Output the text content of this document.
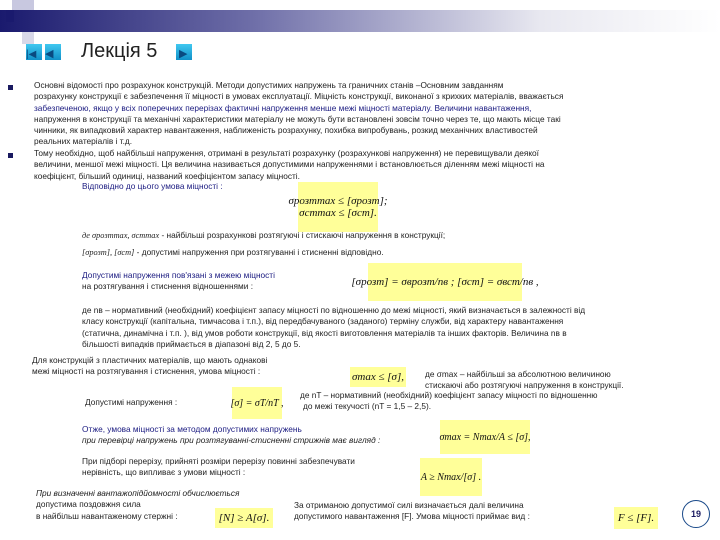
|◀ ◀	Лекція 5 ▶
Основні відомості про розрахунок конструкцій. Методи допустимих напружень та граничних станів –Основним завданням
розрахунку конструкції є забезпечення її міцності в умовах експлуатації. Міцність конструкції, виконаної з крихких матеріалів, вважається
забезпеченою, якщо у всіх поперечних перерізах фактичні напруження менше межі міцності матеріалу. Величини навантаження,
напруження в конструкції та механічні характеристики матеріалу не можуть бути встановлені зовсім точно через те, що мають місце такі
чинники, як випадковий характер навантаження, наближеність розрахунку, похибка випробувань, розкид механічних властивостей
реальних матеріалів і т.д.
Тому необхідно, щоб найбільші напруження, отримані в результаті розрахунку (розрахункові напруження) не перевищували деякої
величини, меншої межі міцності. Ця величина називається допустимими напруженнями і встановлюється діленням межі міцності на
коефіцієнт, більший одиниці, названий коефіцієнтом запасу міцності.
Відповідно до цього умова міцності :
σрозтmax ≤ [σрозт];
σстmax ≤ [σст].
де σрозтmax, σстmax - найбільші розрахункові розтягуючі і стискаючі напруження в конструкції;
[σрозт], [σст] - допустимі напруження при розтягуванні і стисненні відповідно.
Допустимі напруження пов'язані з межею міцності
на розтягування і стиснення відношеннями :	[σрозт] = σврозт/nв ; [σст] = σвст/nв ,
де nв – нормативний (необхідний) коефіцієнт запасу міцності по відношенню до межі міцності, який визначається в залежності від
класу конструкції (капітальна, тимчасова і т.п.), від передбачуваного (заданого) терміну служби, від характеру навантаження
(статична, динамічна і т.п. ), від умов роботи конструкції, від якості виготовлення матеріалів та інших факторів. Величина nв в
більшості випадків приймається в діапазоні від 2, 5 до 5.
Для конструкцій з пластичних матеріалів, що мають однакові
межі міцності на розтягування і стиснення, умова міцності :	σmax ≤ [σ],	де σmax – найбільші за абсолютною величиною
стискаючі або розтягуючі напруження в конструкції.
Допустимі напруження :	[σ] = σT/nT ,
де nT – нормативний (необхідний) коефіцієнт запасу міцності по відношенню
до межі текучості (nT = 1,5 – 2,5).
Отже, умова міцності за методом допустимих напружень
при перевірці напружень при розтягуванні-стисненні стрижнів має вигляд :	σmax = Nmax/A ≤ [σ],
При підборі перерізу, прийняті розміри перерізу повинні забезпечувати
нерівність, що випливає з умови міцності :	A ≥ Nmax/[σ] .
При визначенні вантажопідйомності обчислюється
допустима поздовжня сила
в найбільш навантаженому стержні :	[N] ≥ A[σ].
За отриманою допустимої силі визначається далі величина
допустимого навантаження [F]. Умова міцності приймає вид :	F ≤ [F].	19
